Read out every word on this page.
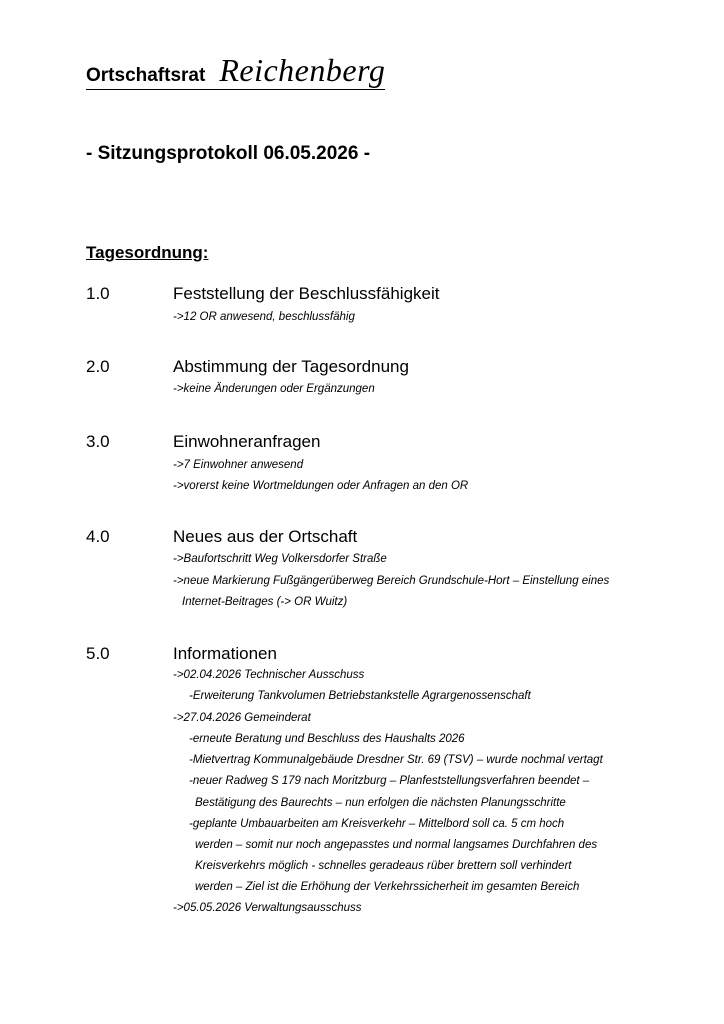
Ortschaftsrat Reichenberg
- Sitzungsprotokoll 06.05.2026 -
Tagesordnung:
1.0	Feststellung der Beschlussfähigkeit
->12 OR anwesend, beschlussfähig
2.0	Abstimmung der Tagesordnung
->keine Änderungen oder Ergänzungen
3.0	Einwohneranfragen
->7 Einwohner anwesend
->vorerst keine Wortmeldungen oder Anfragen an den OR
4.0	Neues aus der Ortschaft
->Baufortschritt Weg Volkersdorfer Straße
->neue Markierung Fußgängerüberweg Bereich Grundschule-Hort – Einstellung eines
Internet-Beitrages (-> OR Wuitz)
5.0	Informationen
->02.04.2026 Technischer Ausschuss
-Erweiterung Tankvolumen Betriebstankstelle Agrargenossenschaft
->27.04.2026 Gemeinderat
-erneute Beratung und Beschluss des Haushalts 2026
-Mietvertrag Kommunalgebäude Dresdner Str. 69 (TSV) – wurde nochmal vertagt
-neuer Radweg S 179 nach Moritzburg – Planfeststellungsverfahren beendet –
Bestätigung des Baurechts – nun erfolgen die nächsten Planungsschritte
-geplante Umbauarbeiten am Kreisverkehr – Mittelbord soll ca. 5 cm hoch
werden – somit nur noch angepasstes und normal langsames Durchfahren des
Kreisverkehrs möglich - schnelles geradeaus rüber brettern soll verhindert
werden – Ziel ist die Erhöhung der Verkehrssicherheit im gesamten Bereich
->05.05.2026 Verwaltungsausschuss
